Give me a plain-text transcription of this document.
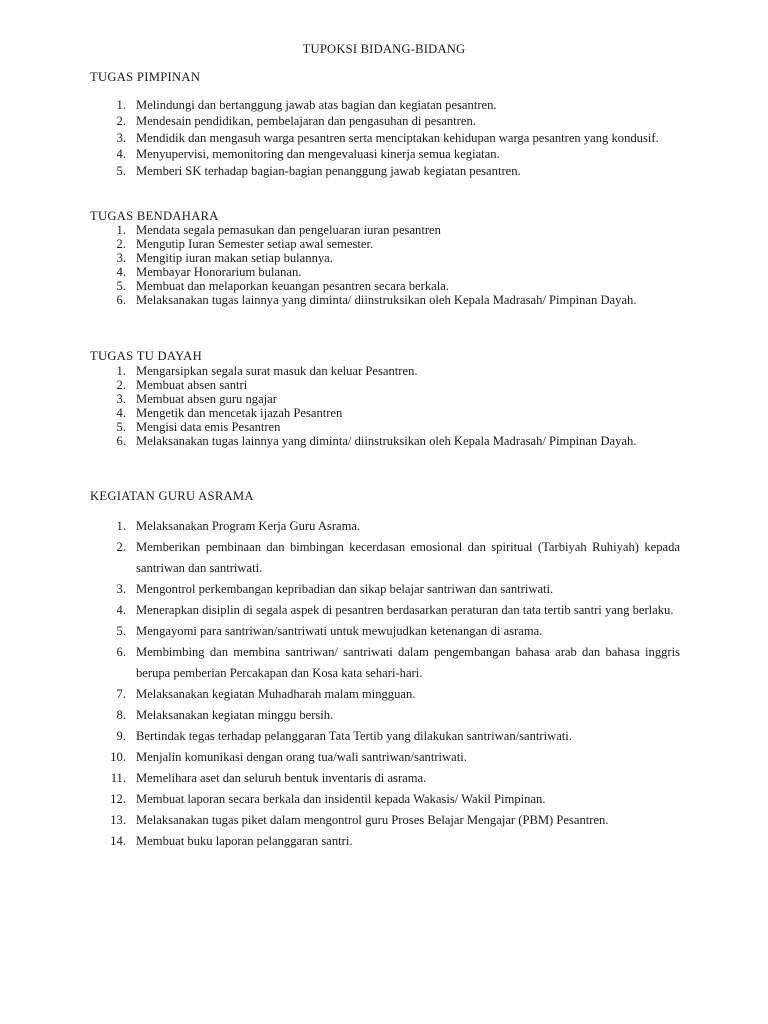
TUPOKSI BIDANG-BIDANG
TUGAS PIMPINAN
1. Melindungi dan bertanggung jawab atas bagian dan kegiatan pesantren.
2. Mendesain pendidikan, pembelajaran dan pengasuhan di pesantren.
3. Mendidik dan mengasuh warga pesantren serta menciptakan kehidupan warga pesantren yang kondusif.
4. Menyupervisi, memonitoring dan mengevaluasi kinerja semua kegiatan.
5. Memberi SK terhadap bagian-bagian penanggung jawab kegiatan pesantren.
TUGAS BENDAHARA
1. Mendata segala pemasukan dan pengeluaran iuran pesantren
2. Mengutip Iuran Semester setiap awal semester.
3. Mengitip iuran makan setiap bulannya.
4. Membayar Honorarium bulanan.
5. Membuat dan melaporkan keuangan pesantren secara berkala.
6. Melaksanakan tugas lainnya yang diminta/ diinstruksikan oleh Kepala Madrasah/ Pimpinan Dayah.
TUGAS TU DAYAH
1. Mengarsipkan segala surat masuk dan keluar Pesantren.
2. Membuat absen santri
3. Membuat absen guru ngajar
4. Mengetik dan mencetak ijazah Pesantren
5. Mengisi data emis Pesantren
6. Melaksanakan tugas lainnya yang diminta/ diinstruksikan oleh Kepala Madrasah/ Pimpinan Dayah.
KEGIATAN GURU ASRAMA
1. Melaksanakan Program Kerja Guru Asrama.
2. Memberikan pembinaan dan bimbingan kecerdasan emosional dan spiritual (Tarbiyah Ruhiyah) kepada santriwan dan santriwati.
3. Mengontrol perkembangan kepribadian dan sikap belajar santriwan dan santriwati.
4. Menerapkan disiplin di segala aspek di pesantren berdasarkan peraturan dan tata tertib santri yang berlaku.
5. Mengayomi para santriwan/santriwati untuk mewujudkan ketenangan di asrama.
6. Membimbing dan membina santriwan/ santriwati dalam pengembangan bahasa arab dan bahasa inggris berupa pemberian Percakapan dan Kosa kata sehari-hari.
7. Melaksanakan kegiatan Muhadharah malam mingguan.
8. Melaksanakan kegiatan minggu bersih.
9. Bertindak tegas terhadap pelanggaran Tata Tertib yang dilakukan santriwan/santriwati.
10. Menjalin komunikasi dengan orang tua/wali santriwan/santriwati.
11. Memelihara aset dan seluruh bentuk inventaris di asrama.
12. Membuat laporan secara berkala dan insidentil kepada Wakasis/ Wakil Pimpinan.
13. Melaksanakan tugas piket dalam mengontrol guru Proses Belajar Mengajar (PBM) Pesantren.
14. Membuat buku laporan pelanggaran santri.
